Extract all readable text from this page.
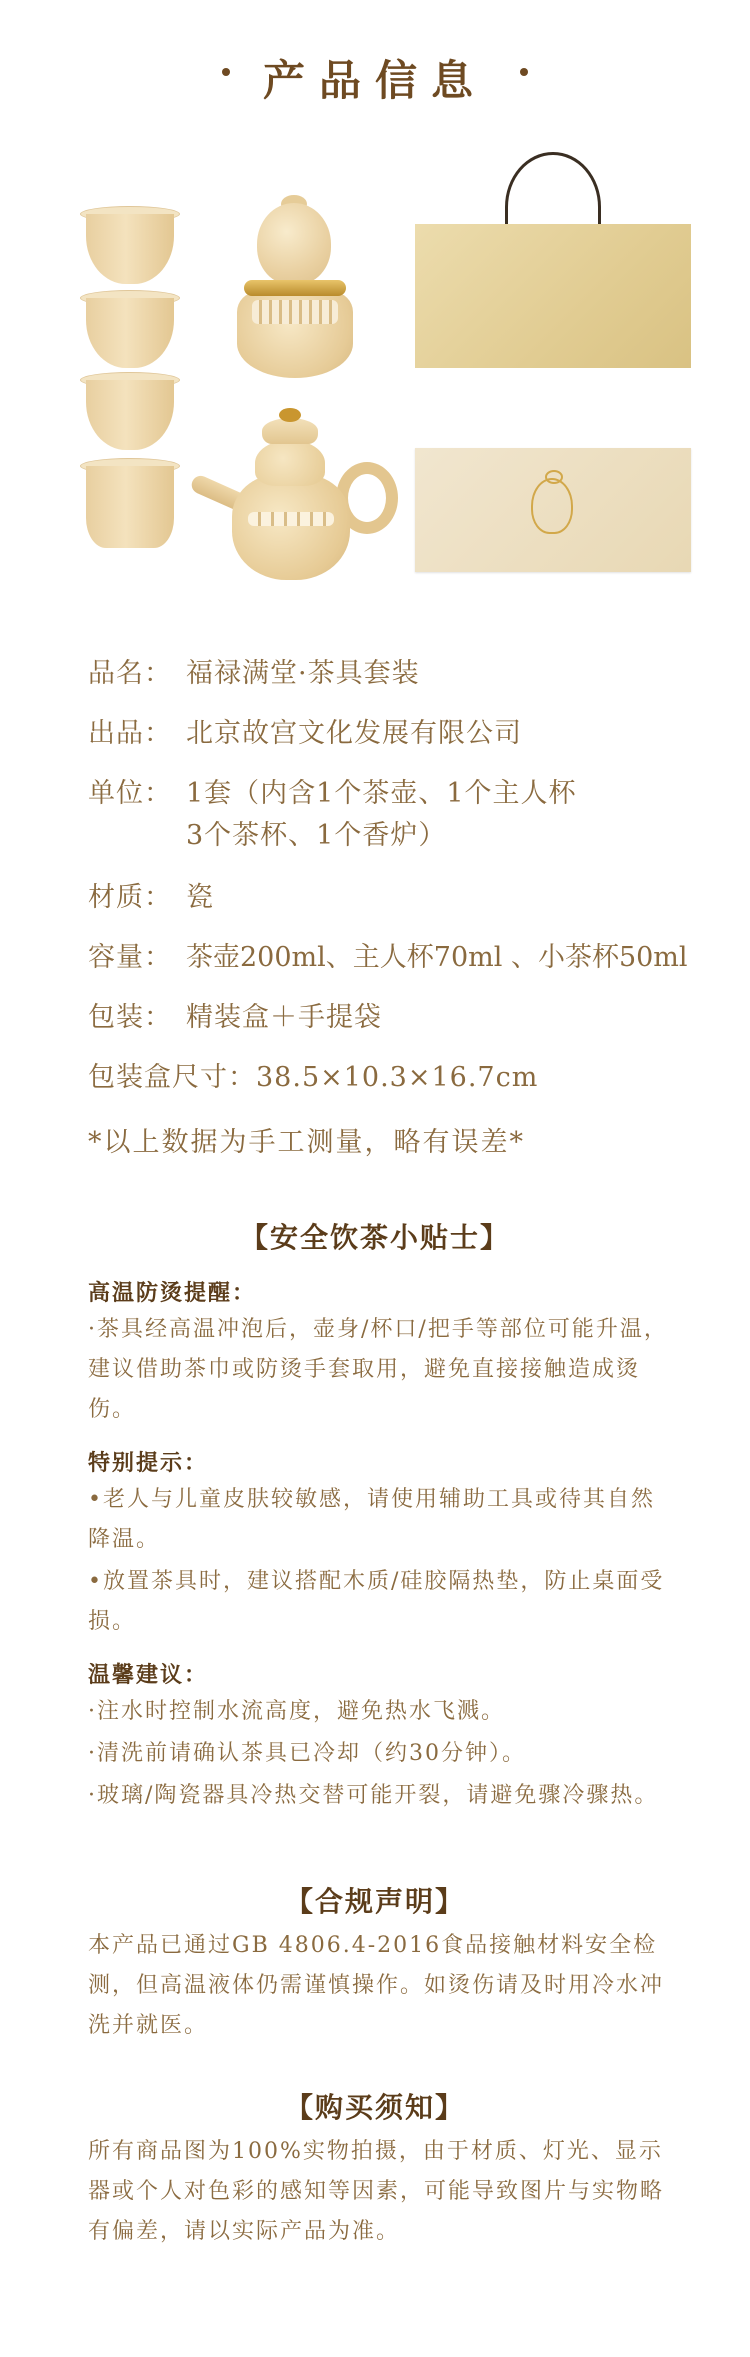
产品信息
品名： 福禄满堂·茶具套装
出品： 北京故宫文化发展有限公司
单位： 1套（内含1个茶壶、1个主人杯
3个茶杯、1个香炉）
材质： 瓷
容量： 茶壶200ml、主人杯70ml 、小茶杯50ml
包装： 精装盒＋手提袋
包装盒尺寸： 38.5×10.3×16.7cm
*以上数据为手工测量，略有误差*
【安全饮茶小贴士】
高温防烫提醒：
·茶具经高温冲泡后，壶身/杯口/把手等部位可能升温，建议借助茶巾或防烫手套取用，避免直接接触造成烫伤。
特别提示：
•老人与儿童皮肤较敏感，请使用辅助工具或待其自然降温。
•放置茶具时，建议搭配木质/硅胶隔热垫，防止桌面受损。
温馨建议：
·注水时控制水流高度，避免热水飞溅。
·清洗前请确认茶具已冷却（约30分钟）。
·玻璃/陶瓷器具冷热交替可能开裂，请避免骤冷骤热。
【合规声明】
本产品已通过GB 4806.4-2016食品接触材料安全检测，但高温液体仍需谨慎操作。如烫伤请及时用冷水冲洗并就医。
【购买须知】
所有商品图为100%实物拍摄，由于材质、灯光、显示器或个人对色彩的感知等因素，可能导致图片与实物略有偏差，请以实际产品为准。
